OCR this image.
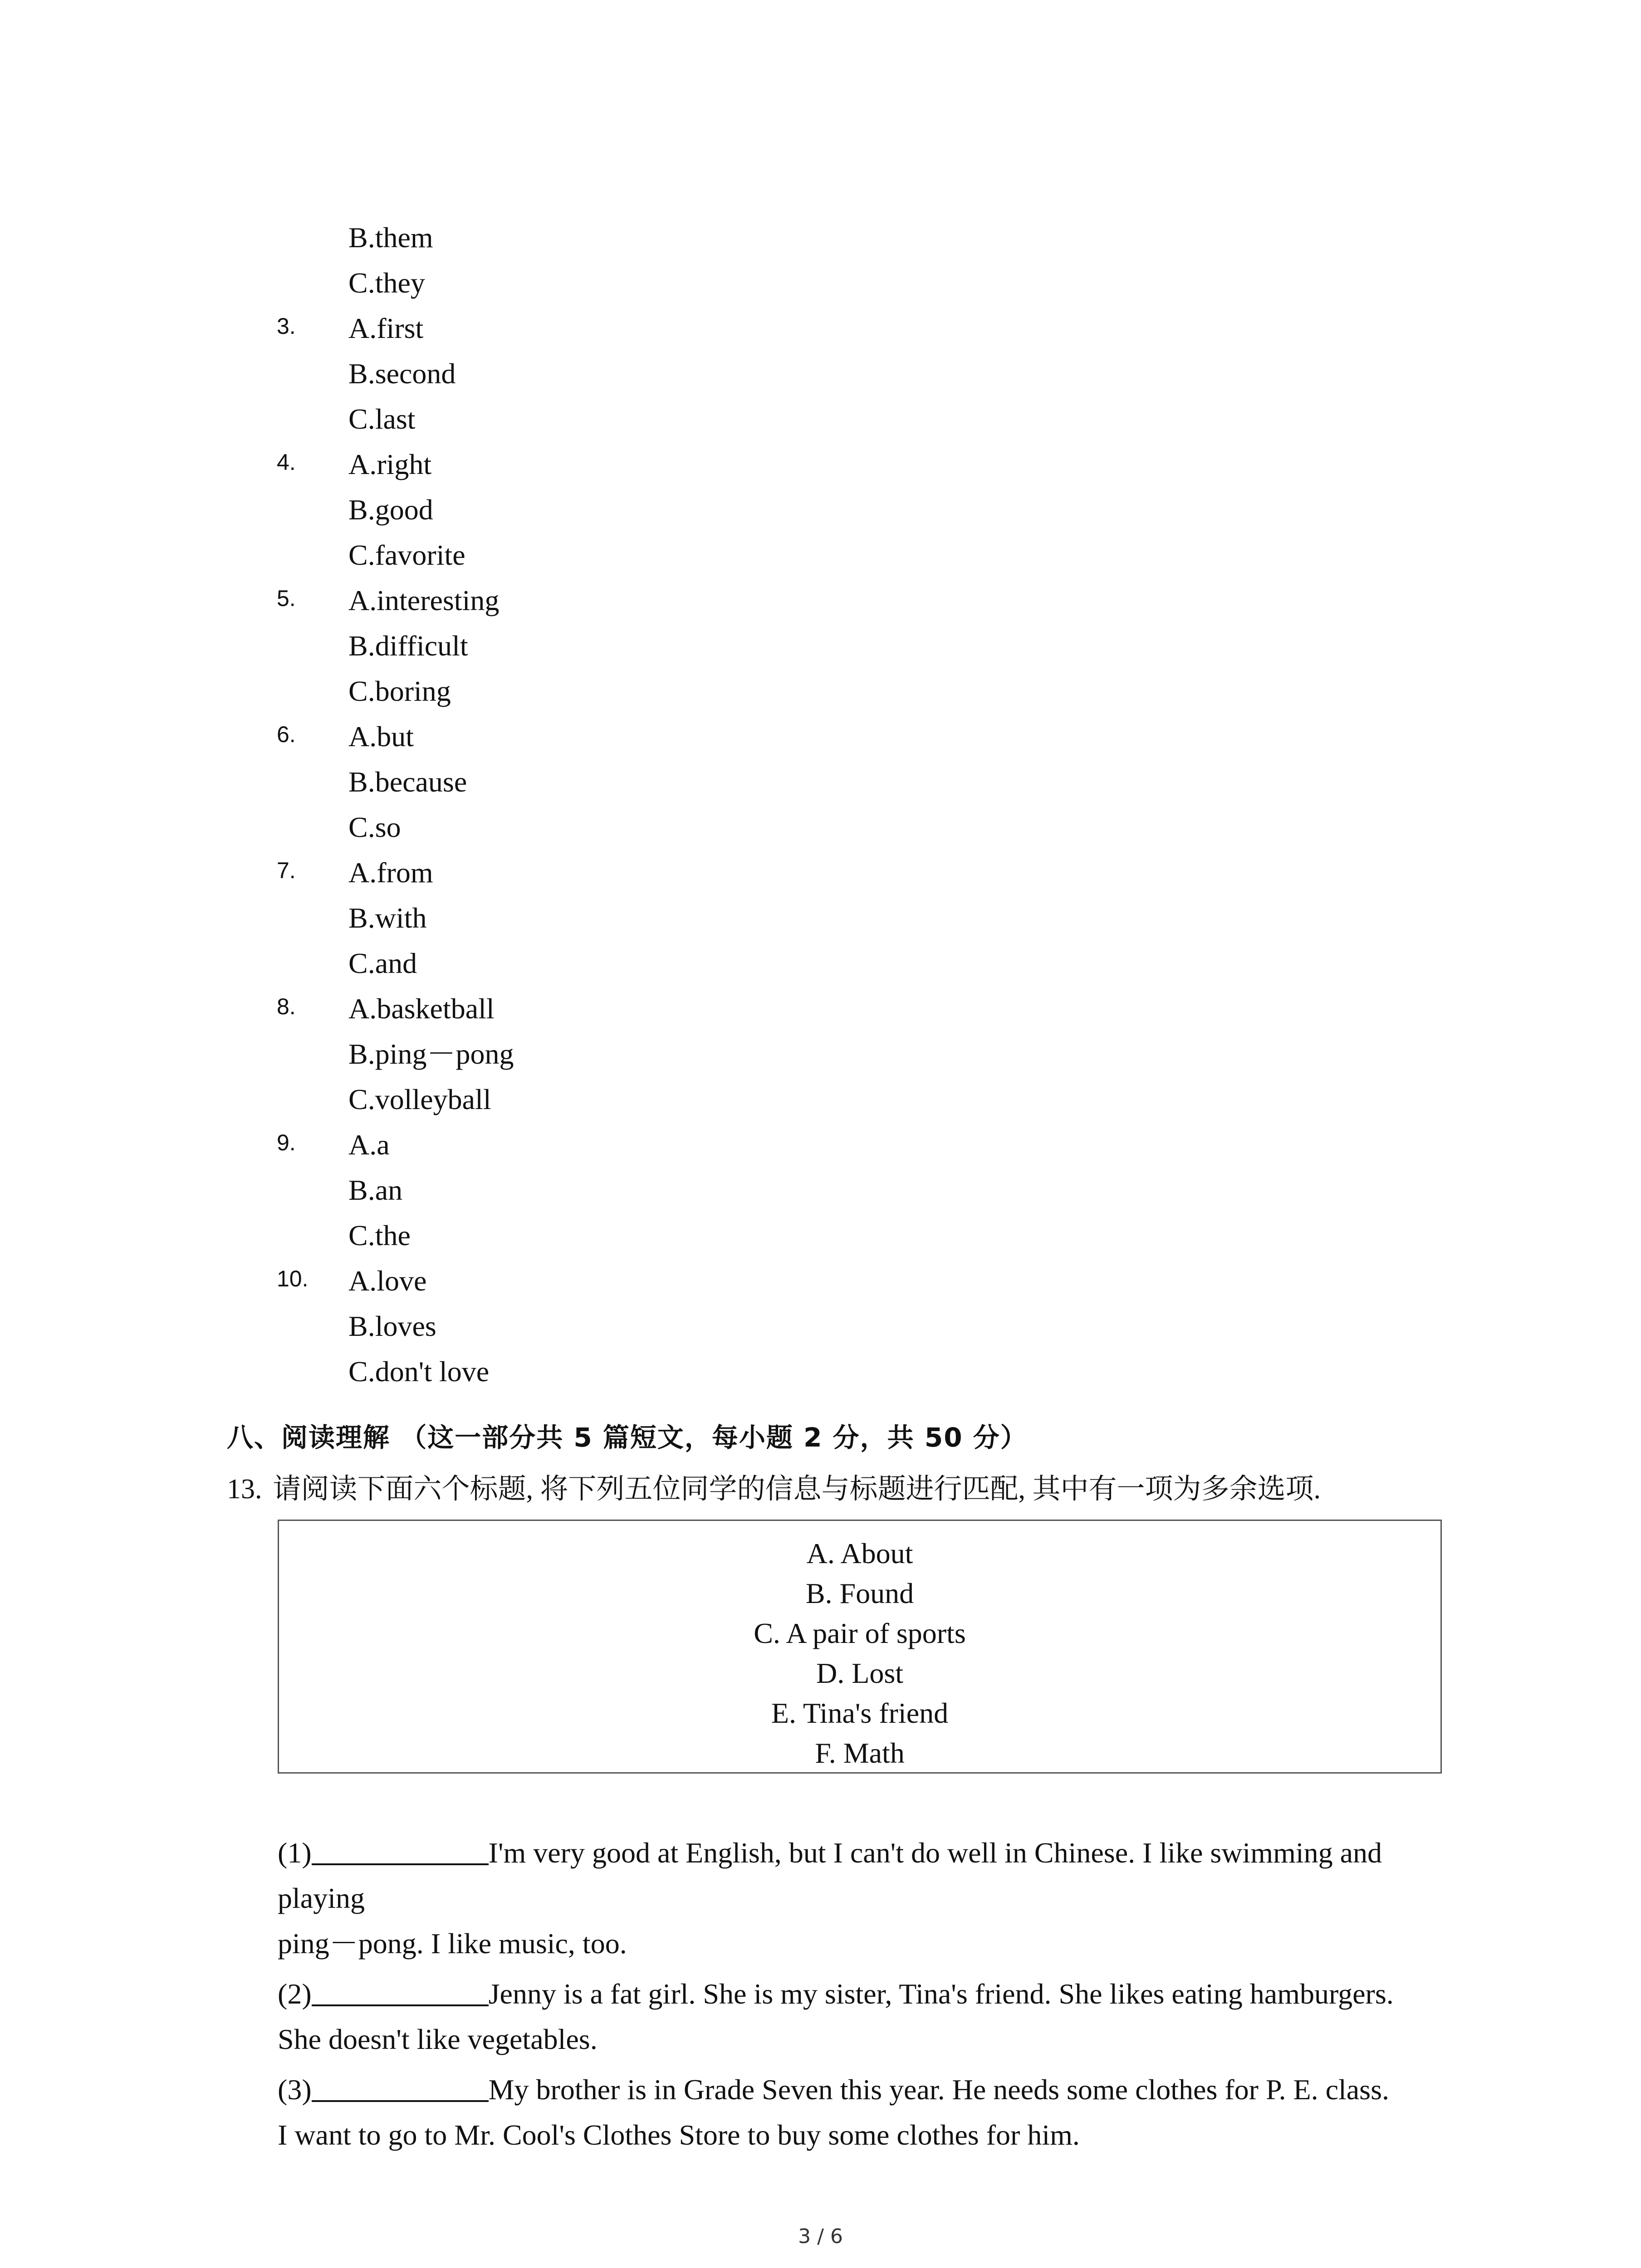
B.them
C.they
3. A.first
B.second
C.last
4. A.right
B.good
C.favorite
5. A.interesting
B.difficult
C.boring
6. A.but
B.because
C.so
7. A.from
B.with
C.and
8. A.basketball
B.ping－pong
C.volleyball
9. A.a
B.an
C.the
10. A.love
B.loves
C.don't love
八、阅读理解 （这一部分共 5 篇短文，每小题 2 分，共 50 分）
13. 请阅读下面六个标题, 将下列五位同学的信息与标题进行匹配, 其中有一项为多余选项.
A. About
B. Found
C. A pair of sports
D. Lost
E. Tina's friend
F. Math
(1)	I'm very good at English, but I can't do well in Chinese. I like swimming and
playing
ping－pong. I like music, too.
(2)	Jenny is a fat girl. She is my sister, Tina's friend. She likes eating hamburgers.
She doesn't like vegetables.
(3)	My brother is in Grade Seven this year. He needs some clothes for P. E. class.
I want to go to Mr. Cool's Clothes Store to buy some clothes for him.
3 / 6
